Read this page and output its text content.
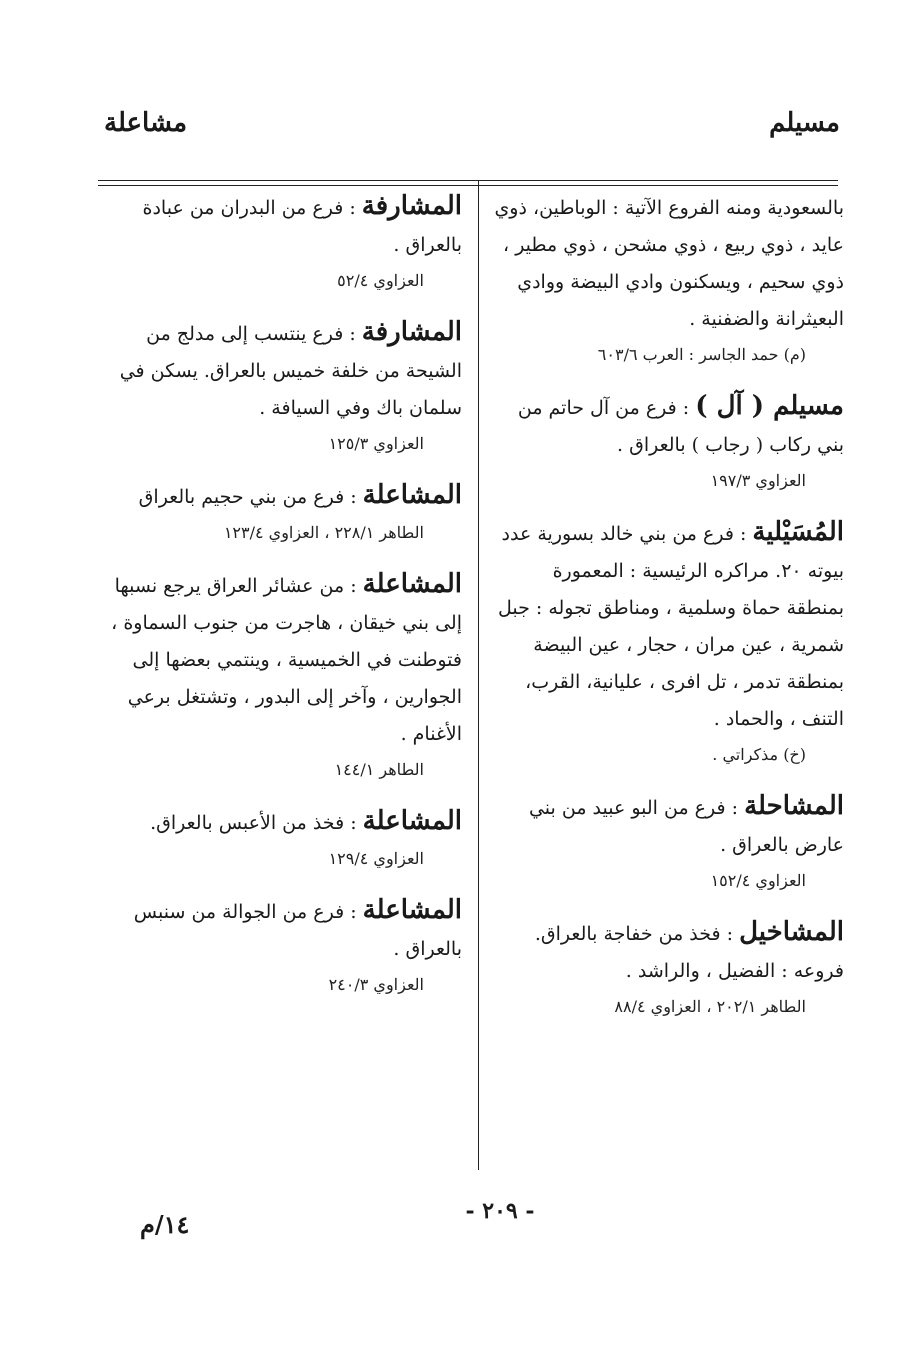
مسيلم
مشاعلة

بالسعودية ومنه الفروع الآتية : الوباطين، ذوي عايد ، ذوي ربيع ، ذوي مشحن ، ذوي مطير ، ذوي سحيم ، ويسكنون وادي البيضة ووادي البعيثرانة والضفنية .

(م) حمد الجاسر : العرب ٦٠٣/٦

مسيلم ( آل ) : فرع من آل حاتم من بني ركاب ( رجاب ) بالعراق .

العزاوي ١٩٧/٣

المُسَيْلية : فرع من بني خالد بسورية عدد بيوته ٢٠. مراكره الرئيسية : المعمورة بمنطقة حماة وسلمية ، ومناطق تجوله : جبل شمرية ، عين مران ، حجار ، عين البيضة بمنطقة تدمر ، تل افرى ، عليانية، القرب، التنف ، والحماد .

(خ) مذكراتي .

المشاحلة : فرع من البو عبيد من بني عارض بالعراق .

العزاوي ١٥٢/٤

المشاخيل : فخذ من خفاجة بالعراق. فروعه : الفضيل ، والراشد .

الطاهر ٢٠٢/١ ، العزاوي ٨٨/٤

المشارفة : فرع من البدران من عبادة بالعراق .

العزاوي ٥٢/٤

المشارفة : فرع ينتسب إلى مدلج من الشيحة من خلفة خميس بالعراق. يسكن في سلمان باك وفي السيافة .

العزاوي ١٢٥/٣

المشاعلة : فرع من بني حجيم بالعراق

الطاهر ٢٢٨/١ ، العزاوي ١٢٣/٤

المشاعلة : من عشائر العراق يرجع نسبها إلى بني خيقان ، هاجرت من جنوب السماوة ، فتوطنت في الخميسية ، وينتمي بعضها إلى الجوارين ، وآخر إلى البدور ، وتشتغل برعي الأغنام .

الطاهر ١٤٤/١

المشاعلة : فخذ من الأعبس بالعراق.

العزاوي ١٢٩/٤

المشاعلة : فرع من الجوالة من سنبس بالعراق .

العزاوي ٢٤٠/٣
- ٢٠٩ -
١٤/م
